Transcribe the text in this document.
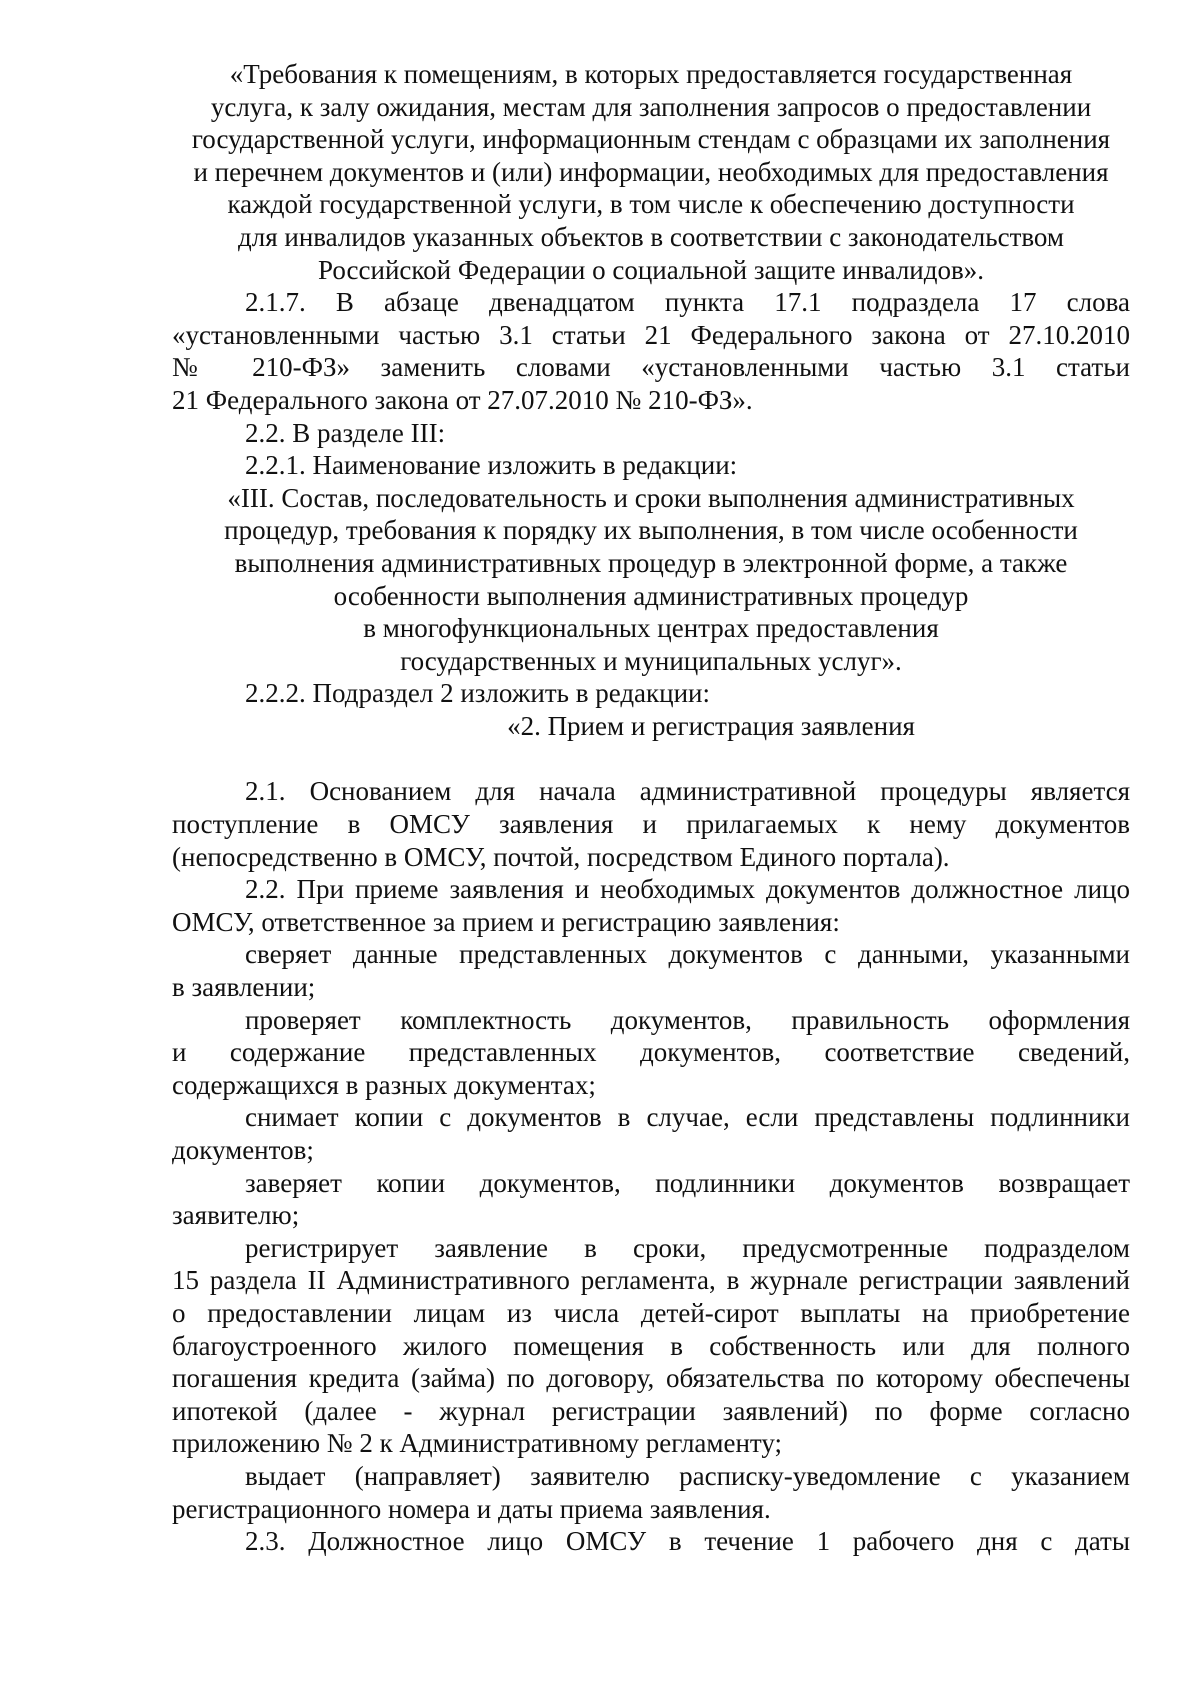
«Требования к помещениям, в которых предоставляется государственная

услуга, к залу ожидания, местам для заполнения запросов о предоставлении

государственной услуги, информационным стендам с образцами их заполнения

и перечнем документов и (или) информации, необходимых для предоставления

каждой государственной услуги, в том числе к обеспечению доступности

для инвалидов указанных объектов в соответствии с законодательством

Российской Федерации о социальной защите инвалидов».

2.1.7. В абзаце двенадцатом пункта 17.1 подраздела 17 слова

«установленными частью 3.1 статьи 21 Федерального закона от 27.10.2010

№ 210-ФЗ» заменить словами «установленными частью 3.1 статьи

21 Федерального закона от 27.07.2010 № 210-ФЗ».

2.2. В разделе III:

2.2.1. Наименование изложить в редакции:

«III. Состав, последовательность и сроки выполнения административных

процедур, требования к порядку их выполнения, в том числе особенности

выполнения административных процедур в электронной форме, а также

особенности выполнения административных процедур

в многофункциональных центрах предоставления

государственных и муниципальных услуг».

2.2.2. Подраздел 2 изложить в редакции:

«2. Прием и регистрация заявления

2.1. Основанием для начала административной процедуры является

поступление в ОМСУ заявления и прилагаемых к нему документов

(непосредственно в ОМСУ, почтой, посредством Единого портала).

2.2. При приеме заявления и необходимых документов должностное лицо

ОМСУ, ответственное за прием и регистрацию заявления:

сверяет данные представленных документов с данными, указанными

в заявлении;

проверяет комплектность документов, правильность оформления

и содержание представленных документов, соответствие сведений,

содержащихся в разных документах;

снимает копии с документов в случае, если представлены подлинники

документов;

заверяет копии документов, подлинники документов возвращает

заявителю;

регистрирует заявление в сроки, предусмотренные подразделом

15 раздела II Административного регламента, в журнале регистрации заявлений

о предоставлении лицам из числа детей-сирот выплаты на приобретение

благоустроенного жилого помещения в собственность или для полного

погашения кредита (займа) по договору, обязательства по которому обеспечены

ипотекой (далее - журнал регистрации заявлений) по форме согласно

приложению № 2 к Административному регламенту;

выдает (направляет) заявителю расписку-уведомление с указанием

регистрационного номера и даты приема заявления.

2.3. Должностное лицо ОМСУ в течение 1 рабочего дня с даты
